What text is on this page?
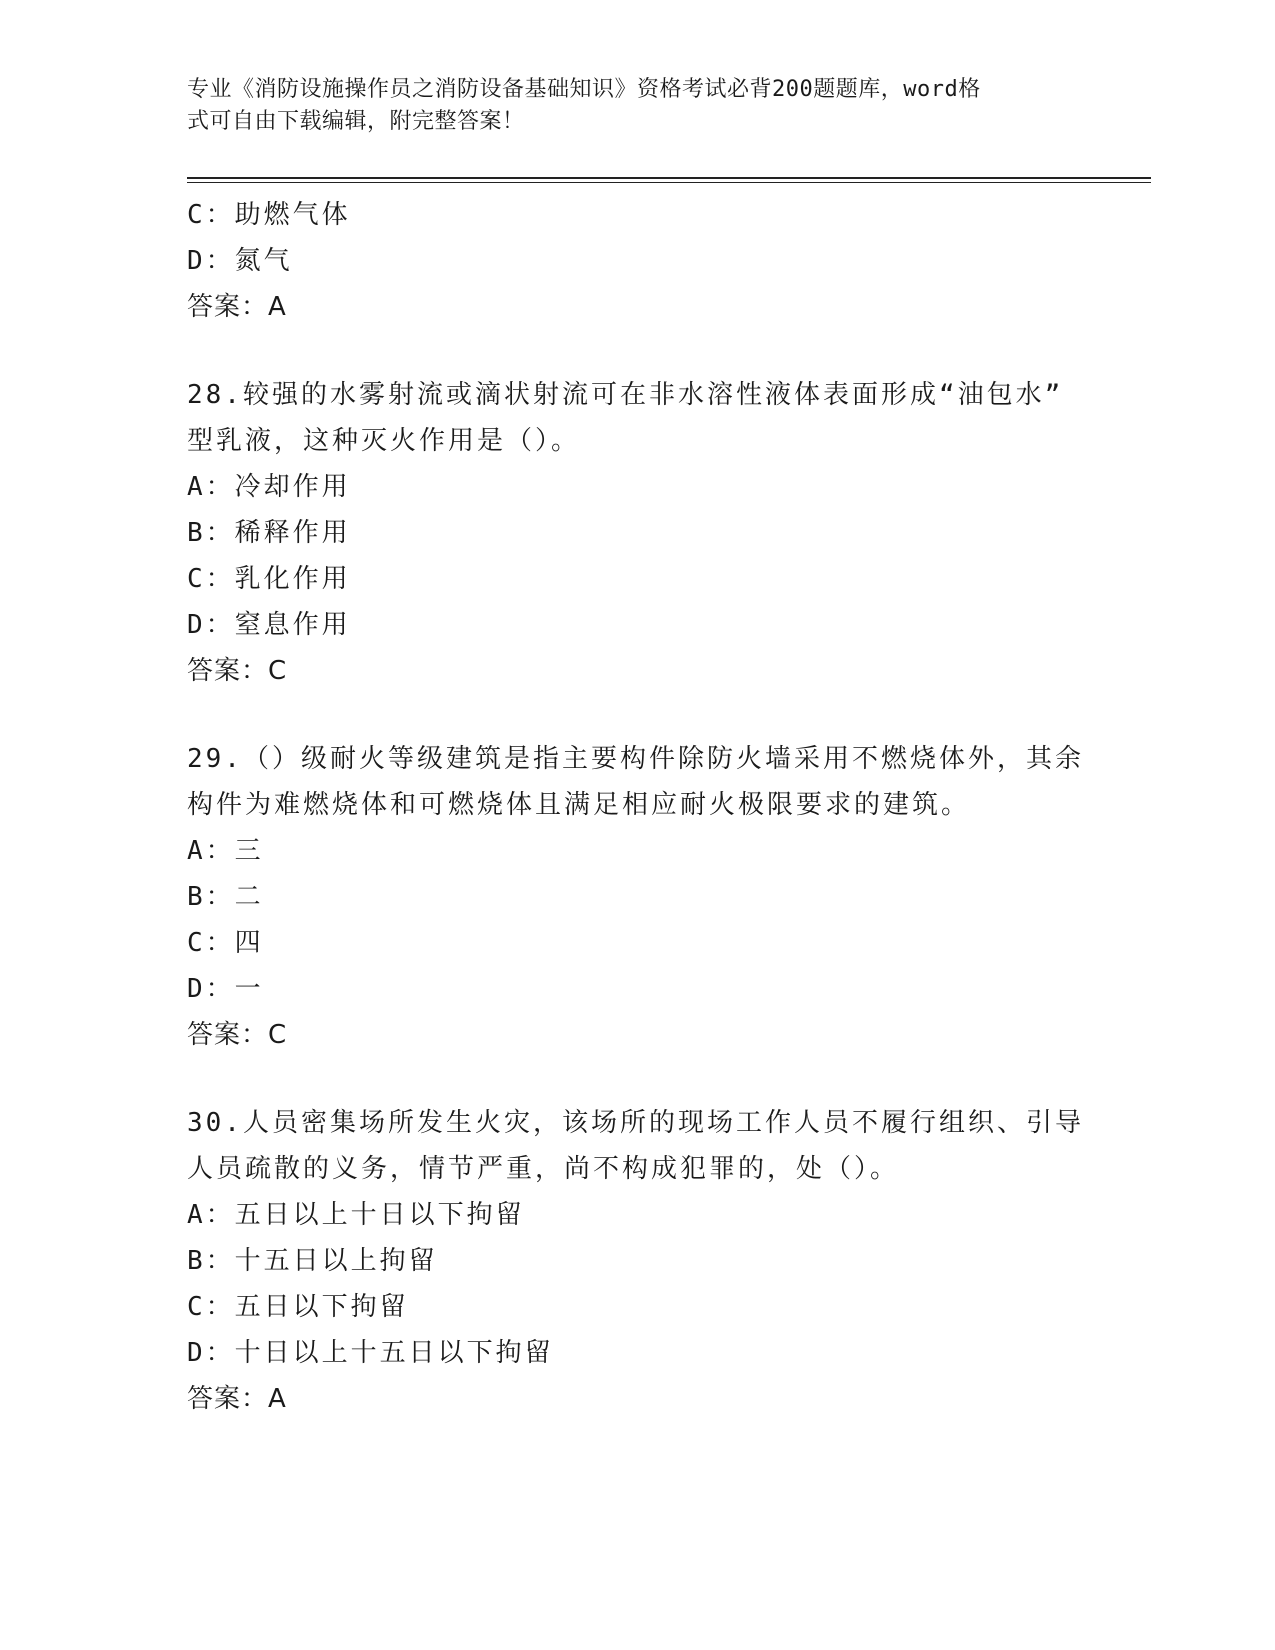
专业《消防设施操作员之消防设备基础知识》资格考试必背200题题库，word格
式可自由下载编辑，附完整答案！
C：助燃气体
D：氮气
答案：A
28.较强的水雾射流或滴状射流可在非水溶性液体表面形成“油包水”
型乳液，这种灭火作用是（）。
A：冷却作用
B：稀释作用
C：乳化作用
D：窒息作用
答案：C
29.（）级耐火等级建筑是指主要构件除防火墙采用不燃烧体外，其余
构件为难燃烧体和可燃烧体且满足相应耐火极限要求的建筑。
A：三
B：二
C：四
D：一
答案：C
30.人员密集场所发生火灾，该场所的现场工作人员不履行组织、引导
人员疏散的义务，情节严重，尚不构成犯罪的，处（）。
A：五日以上十日以下拘留
B：十五日以上拘留
C：五日以下拘留
D：十日以上十五日以下拘留
答案：A
